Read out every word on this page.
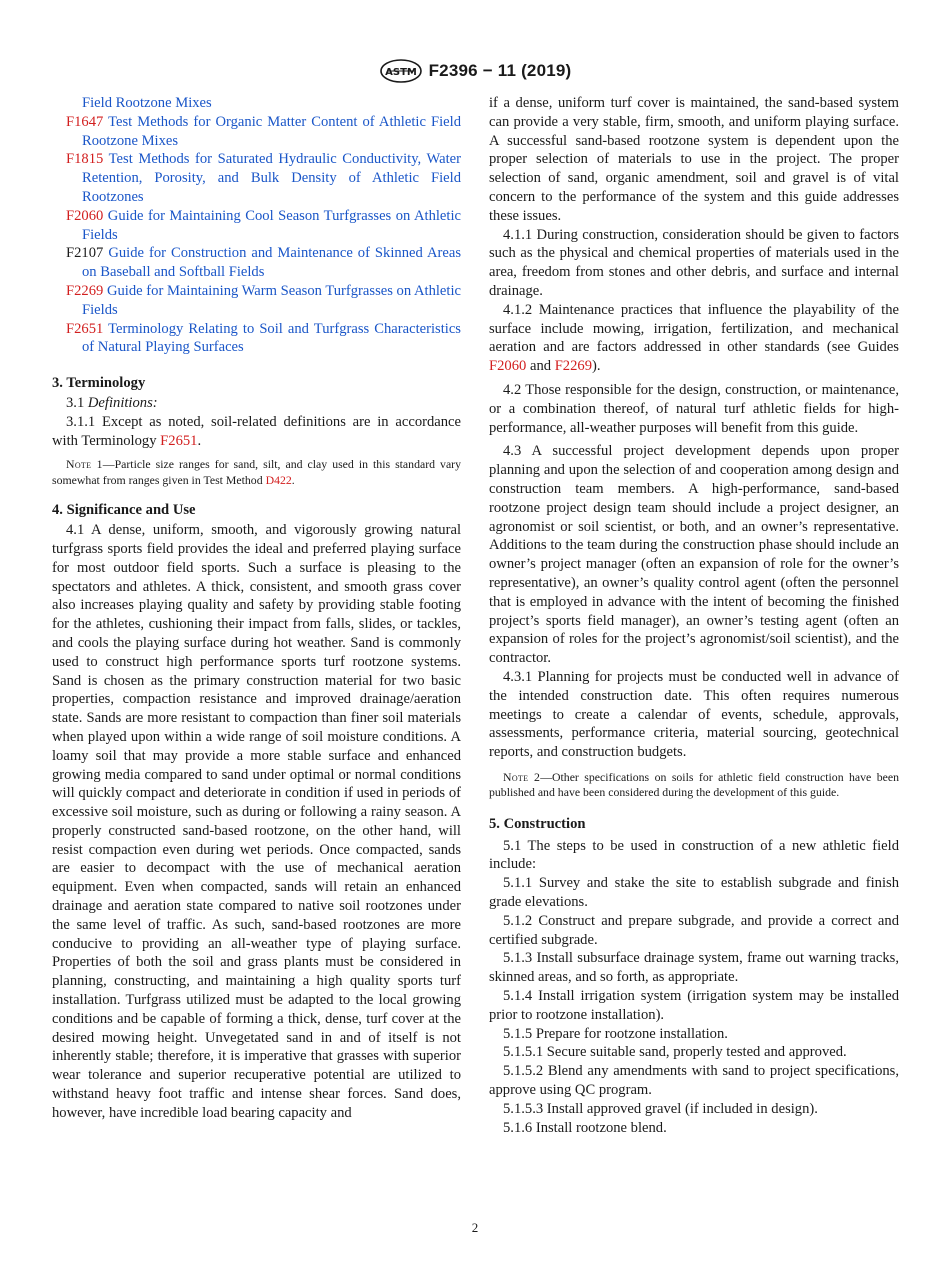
ASTM F2396 − 11 (2019)

Field Rootzone Mixes

F1647 Test Methods for Organic Matter Content of Athletic Field Rootzone Mixes

F1815 Test Methods for Saturated Hydraulic Conductivity, Water Retention, Porosity, and Bulk Density of Athletic Field Rootzones

F2060 Guide for Maintaining Cool Season Turfgrasses on Athletic Fields

F2107 Guide for Construction and Maintenance of Skinned Areas on Baseball and Softball Fields

F2269 Guide for Maintaining Warm Season Turfgrasses on Athletic Fields

F2651 Terminology Relating to Soil and Turfgrass Characteristics of Natural Playing Surfaces

3. Terminology

3.1 Definitions:

3.1.1 Except as noted, soil-related definitions are in accordance with Terminology F2651.

Note 1—Particle size ranges for sand, silt, and clay used in this standard vary somewhat from ranges given in Test Method D422.

4. Significance and Use

4.1 A dense, uniform, smooth, and vigorously growing natural turfgrass sports field provides the ideal and preferred playing surface for most outdoor field sports. Such a surface is pleasing to the spectators and athletes. A thick, consistent, and smooth grass cover also increases playing quality and safety by providing stable footing for the athletes, cushioning their impact from falls, slides, or tackles, and cools the playing surface during hot weather. Sand is commonly used to construct high performance sports turf rootzone systems. Sand is chosen as the primary construction material for two basic properties, compaction resistance and improved drainage/aeration state. Sands are more resistant to compaction than finer soil materials when played upon within a wide range of soil moisture conditions. A loamy soil that may provide a more stable surface and enhanced growing media compared to sand under optimal or normal conditions will quickly compact and deteriorate in condition if used in periods of excessive soil moisture, such as during or following a rainy season. A properly constructed sand-based rootzone, on the other hand, will resist compaction even during wet periods. Once compacted, sands are easier to decompact with the use of mechanical aeration equipment. Even when compacted, sands will retain an enhanced drainage and aeration state compared to native soil rootzones under the same level of traffic. As such, sand-based rootzones are more conducive to providing an all-weather type of playing surface. Properties of both the soil and grass plants must be considered in planning, constructing, and maintaining a high quality sports turf installation. Turfgrass utilized must be adapted to the local growing conditions and be capable of forming a thick, dense, turf cover at the desired mowing height. Unvegetated sand in and of itself is not inherently stable; therefore, it is imperative that grasses with superior wear tolerance and superior recuperative potential are utilized to withstand heavy foot traffic and intense shear forces. Sand does, however, have incredible load bearing capacity and

if a dense, uniform turf cover is maintained, the sand-based system can provide a very stable, firm, smooth, and uniform playing surface. A successful sand-based rootzone system is dependent upon the proper selection of materials to use in the project. The proper selection of sand, organic amendment, soil and gravel is of vital concern to the performance of the system and this guide addresses these issues.

4.1.1 During construction, consideration should be given to factors such as the physical and chemical properties of materials used in the area, freedom from stones and other debris, and surface and internal drainage.

4.1.2 Maintenance practices that influence the playability of the surface include mowing, irrigation, fertilization, and mechanical aeration and are factors addressed in other standards (see Guides F2060 and F2269).

4.2 Those responsible for the design, construction, or maintenance, or a combination thereof, of natural turf athletic fields for high-performance, all-weather purposes will benefit from this guide.

4.3 A successful project development depends upon proper planning and upon the selection of and cooperation among design and construction team members. A high-performance, sand-based rootzone project design team should include a project designer, an agronomist or soil scientist, or both, and an owner’s representative. Additions to the team during the construction phase should include an owner’s project manager (often an expansion of role for the owner’s representative), an owner’s quality control agent (often the personnel that is employed in advance with the intent of becoming the finished project’s sports field manager), an owner’s testing agent (often an expansion of roles for the project’s agronomist/soil scientist), and the contractor.

4.3.1 Planning for projects must be conducted well in advance of the intended construction date. This often requires numerous meetings to create a calendar of events, schedule, approvals, assessments, performance criteria, material sourcing, geotechnical reports, and construction budgets.

Note 2—Other specifications on soils for athletic field construction have been published and have been considered during the development of this guide.

5. Construction

5.1 The steps to be used in construction of a new athletic field include:

5.1.1 Survey and stake the site to establish subgrade and finish grade elevations.

5.1.2 Construct and prepare subgrade, and provide a correct and certified subgrade.

5.1.3 Install subsurface drainage system, frame out warning tracks, skinned areas, and so forth, as appropriate.

5.1.4 Install irrigation system (irrigation system may be installed prior to rootzone installation).

5.1.5 Prepare for rootzone installation.

5.1.5.1 Secure suitable sand, properly tested and approved.

5.1.5.2 Blend any amendments with sand to project specifications, approve using QC program.

5.1.5.3 Install approved gravel (if included in design).

5.1.6 Install rootzone blend.

2
